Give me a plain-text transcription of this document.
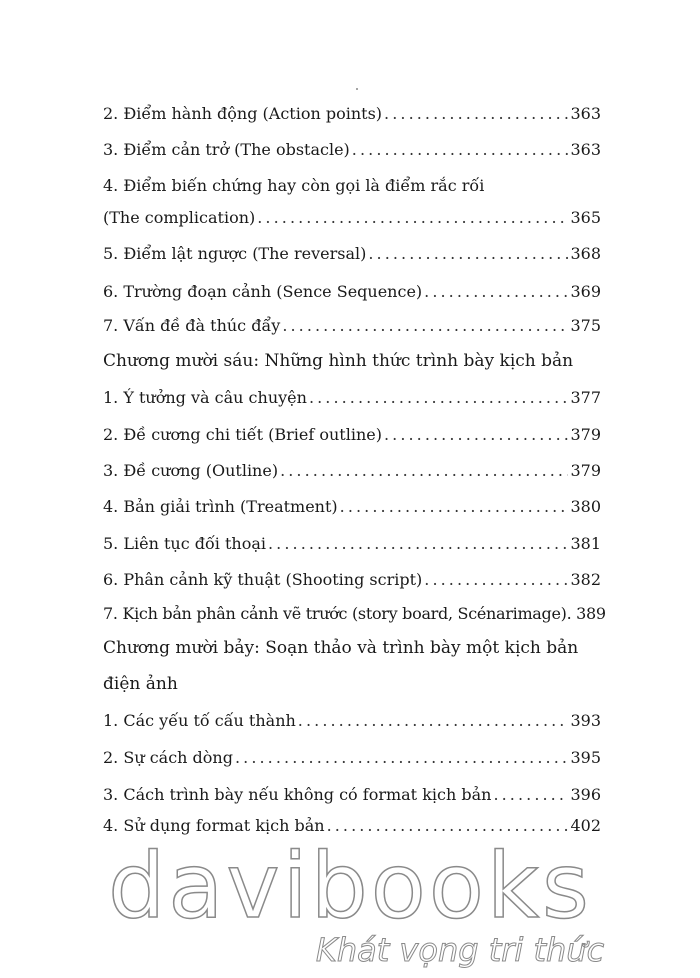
2. Điểm hành động (Action points) . . .	363
3. Điểm cản trở (The obstacle) . . .	363
4. Điểm biến chứng hay còn gọi là điểm rắc rối
(The complication) . . .	365
5. Điểm lật ngược (The reversal) . . .	368
6. Trường đoạn cảnh (Sence Sequence) . . .	369
7. Vấn đề đà thúc đẩy . . .	375
Chương mười sáu: Những hình thức trình bày kịch bản
1. Ý tưởng và câu chuyện . . .	377
2. Đề cương chi tiết (Brief outline) . . .	379
3. Đề cương (Outline) . . .	379
4. Bản giải trình (Treatment) . . .	380
5. Liên tục đối thoại . . .	381
6. Phân cảnh kỹ thuật (Shooting script) . . .	382
7. Kịch bản phân cảnh vẽ trước (story board, Scénarimage). 389
Chương mười bảy: Soạn thảo và trình bày một kịch bản
điện ảnh
1. Các yếu tố cấu thành . . .	393
2. Sự cách dòng . . .	395
3. Cách trình bày nếu không có format kịch bản . . .	396
4. Sử dụng format kịch bản . . .	402
davibooks
Khát vọng tri thức
